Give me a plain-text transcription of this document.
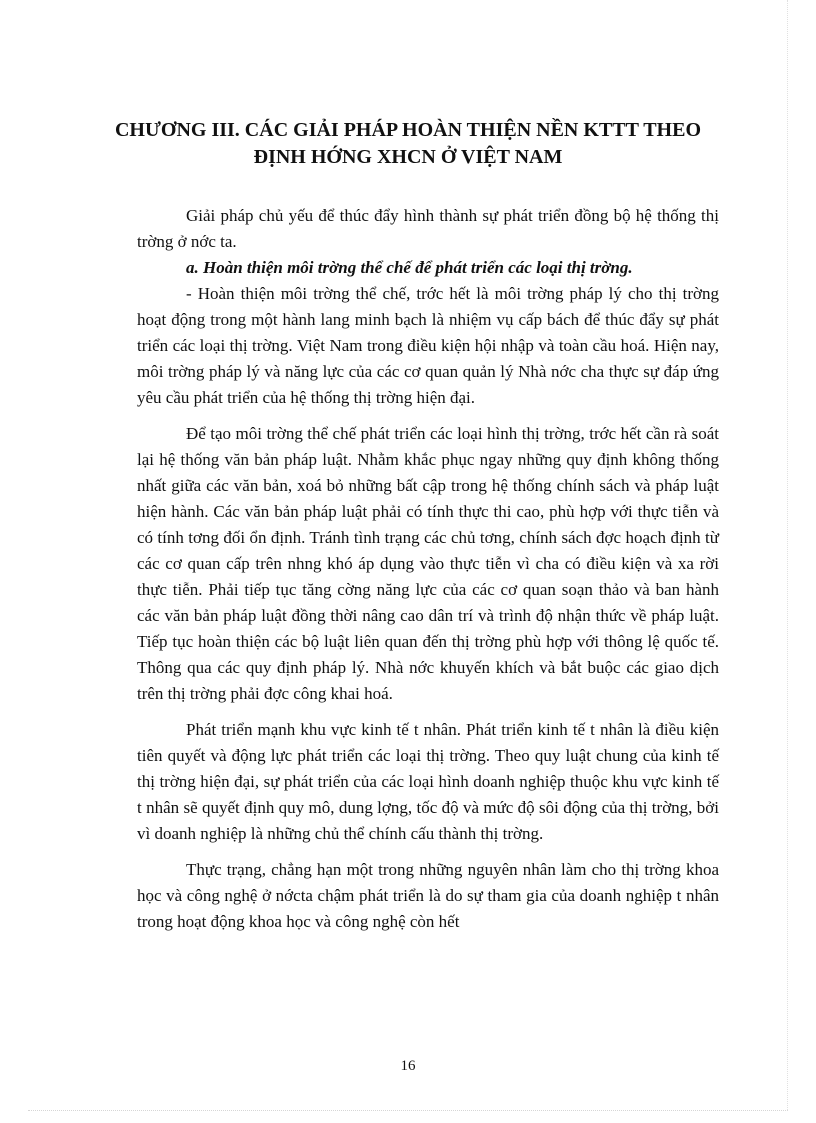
CHƯƠNG III. CÁC GIẢI PHÁP HOÀN THIỆN NỀN KTTT THEO
ĐỊNH HỚNG XHCN Ở VIỆT NAM

Giải pháp chủ yếu để thúc đẩy hình thành sự phát triển đồng bộ hệ thống thị trờng ở nớc ta.

a. Hoàn thiện môi trờng thể chế để phát triển các loại thị trờng.

- Hoàn thiện môi trờng thể chế, trớc hết là môi trờng pháp lý cho thị trờng hoạt động trong một hành lang minh bạch là nhiệm vụ cấp bách để thúc đẩy sự phát triển các loại thị trờng. Việt Nam trong điều kiện hội nhập và toàn cầu hoá. Hiện nay, môi trờng pháp lý và năng lực của các cơ quan quản lý Nhà nớc cha thực sự đáp ứng yêu cầu phát triển của hệ thống thị trờng hiện đại.

Để tạo môi trờng thể chế phát triển các loại hình thị trờng, trớc hết cần rà soát lại hệ thống văn bản pháp luật. Nhằm khắc phục ngay những quy định không thống nhất giữa các văn bản, xoá bỏ những bất cập trong hệ thống chính sách và pháp luật hiện hành. Các văn bản pháp luật phải có tính thực thi cao, phù hợp với thực tiễn và có tính tơng đối ổn định. Tránh tình trạng các chủ tơng, chính sách đợc hoạch định từ các cơ quan cấp trên nhng khó áp dụng vào thực tiễn vì cha có điều kiện và xa rời thực tiễn. Phải tiếp tục tăng cờng năng lực của các cơ quan soạn thảo và ban hành các văn bản pháp luật đồng thời nâng cao dân trí và trình độ nhận thức về pháp luật. Tiếp tục hoàn thiện các bộ luật liên quan đến thị trờng phù hợp với thông lệ quốc tế. Thông qua các quy định pháp lý. Nhà nớc khuyến khích và bắt buộc các giao dịch trên thị trờng phải đợc công khai hoá.

Phát triển mạnh khu vực kinh tế t nhân. Phát triển kinh tế t nhân là điều kiện tiên quyết và động lực phát triển các loại thị trờng. Theo quy luật chung của kinh tế thị trờng hiện đại, sự phát triển của các loại hình doanh nghiệp thuộc khu vực kinh tế t nhân sẽ quyết định quy mô, dung lợng, tốc độ và mức độ sôi động của thị trờng, bởi vì doanh nghiệp là những chủ thể chính cấu thành thị trờng.

Thực trạng, chẳng hạn một trong những nguyên nhân làm cho thị trờng khoa học và công nghệ ở nớcta chậm phát triển là do sự tham gia của doanh nghiệp t nhân trong hoạt động khoa học và công nghệ còn hết

16
